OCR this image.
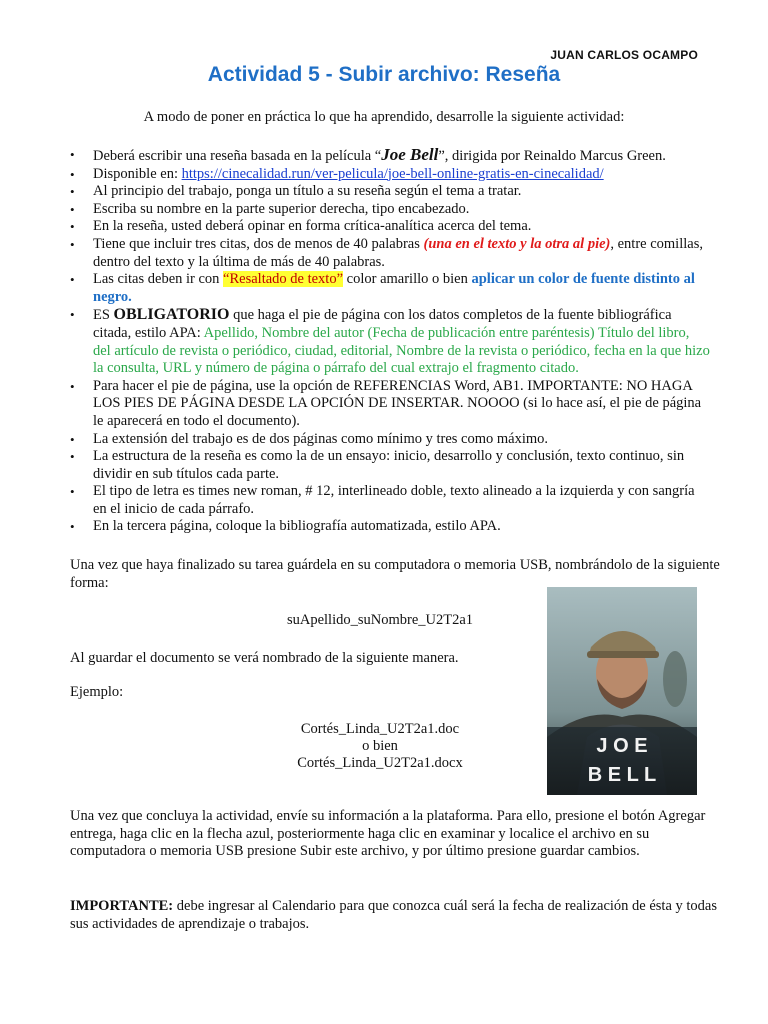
JUAN CARLOS OCAMPO
Actividad 5 - Subir archivo: Reseña
A modo de poner en práctica lo que ha aprendido, desarrolle la siguiente actividad:
• Deberá escribir una reseña basada en la película “Joe Bell”, dirigida por Reinaldo Marcus Green.
• Disponible en: https://cinecalidad.run/ver-pelicula/joe-bell-online-gratis-en-cinecalidad/
• Al principio del trabajo, ponga un título a su reseña según el tema a tratar.
• Escriba su nombre en la parte superior derecha, tipo encabezado.
• En la reseña, usted deberá opinar en forma crítica-analítica acerca del tema.
• Tiene que incluir tres citas, dos de menos de 40 palabras (una en el texto y la otra al pie), entre comillas, dentro del texto y la última de más de 40 palabras.
• Las citas deben ir con “Resaltado de texto” color amarillo o bien aplicar un color de fuente distinto al negro.
• ES OBLIGATORIO que haga el pie de página con los datos completos de la fuente bibliográfica citada, estilo APA: Apellido, Nombre del autor (Fecha de publicación entre paréntesis) Título del libro, del artículo de revista o periódico, ciudad, editorial, Nombre de la revista o periódico, fecha en la que hizo la consulta, URL y número de página o párrafo del cual extrajo el fragmento citado.
• Para hacer el pie de página, use la opción de REFERENCIAS Word, AB1. IMPORTANTE: NO HAGA LOS PIES DE PÁGINA DESDE LA OPCIÓN DE INSERTAR. NOOOO (si lo hace así, el pie de página le aparecerá en todo el documento).
• La extensión del trabajo es de dos páginas como mínimo y tres como máximo.
• La estructura de la reseña es como la de un ensayo: inicio, desarrollo y conclusión, texto continuo, sin dividir en sub títulos cada parte.
• El tipo de letra es times new roman, # 12, interlineado doble, texto alineado a la izquierda y con sangría en el inicio de cada párrafo.
• En la tercera página, coloque la bibliografía automatizada, estilo APA.
Una vez que haya finalizado su tarea guárdela en su computadora o memoria USB, nombrándolo de la siguiente forma:
suApellido_suNombre_U2T2a1
Al guardar el documento se verá nombrado de la siguiente manera.
Ejemplo:
Cortés_Linda_U2T2a1.doc
o bien
Cortés_Linda_U2T2a1.docx
Una vez que concluya la actividad, envíe su información a la plataforma. Para ello, presione el botón Agregar entrega, haga clic en la flecha azul, posteriormente haga clic en examinar y localice el archivo en su computadora o memoria USB presione Subir este archivo, y por último presione guardar cambios.
IMPORTANTE: debe ingresar al Calendario para que conozca cuál será la fecha de realización de ésta y todas sus actividades de aprendizaje o trabajos.
J O E
B E L L
